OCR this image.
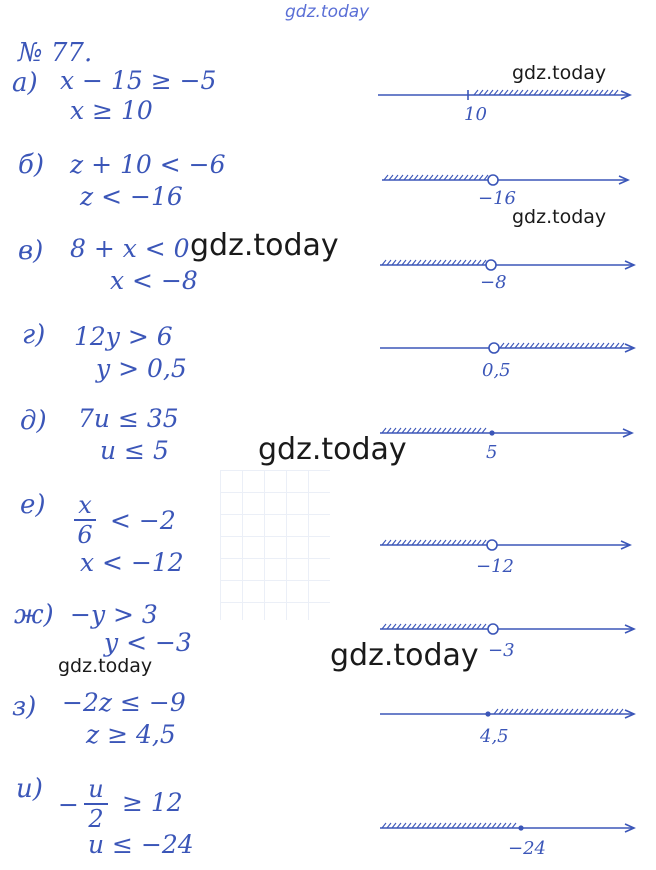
gdz.today
gdz.today
gdz.today
gdz.today
gdz.today
gdz.today	gdz.today
№ 77.
а) x − 15 ≥ −5
x ≥ 10	10
б) z + 10 < −6
z < −16	−16
в) 8 + x < 0
x < −8	−8
г) 12y > 6
y > 0,5	0,5
д) 7u ≤ 35
u ≤ 5	5
е) x
6 < −2
x < −12	−12
ж) −y > 3
y < −3	−3
з) −2z ≤ −9
z ≥ 4,5	4,5
и)
−
u
2
≥ 12
u ≤ −24	−24
